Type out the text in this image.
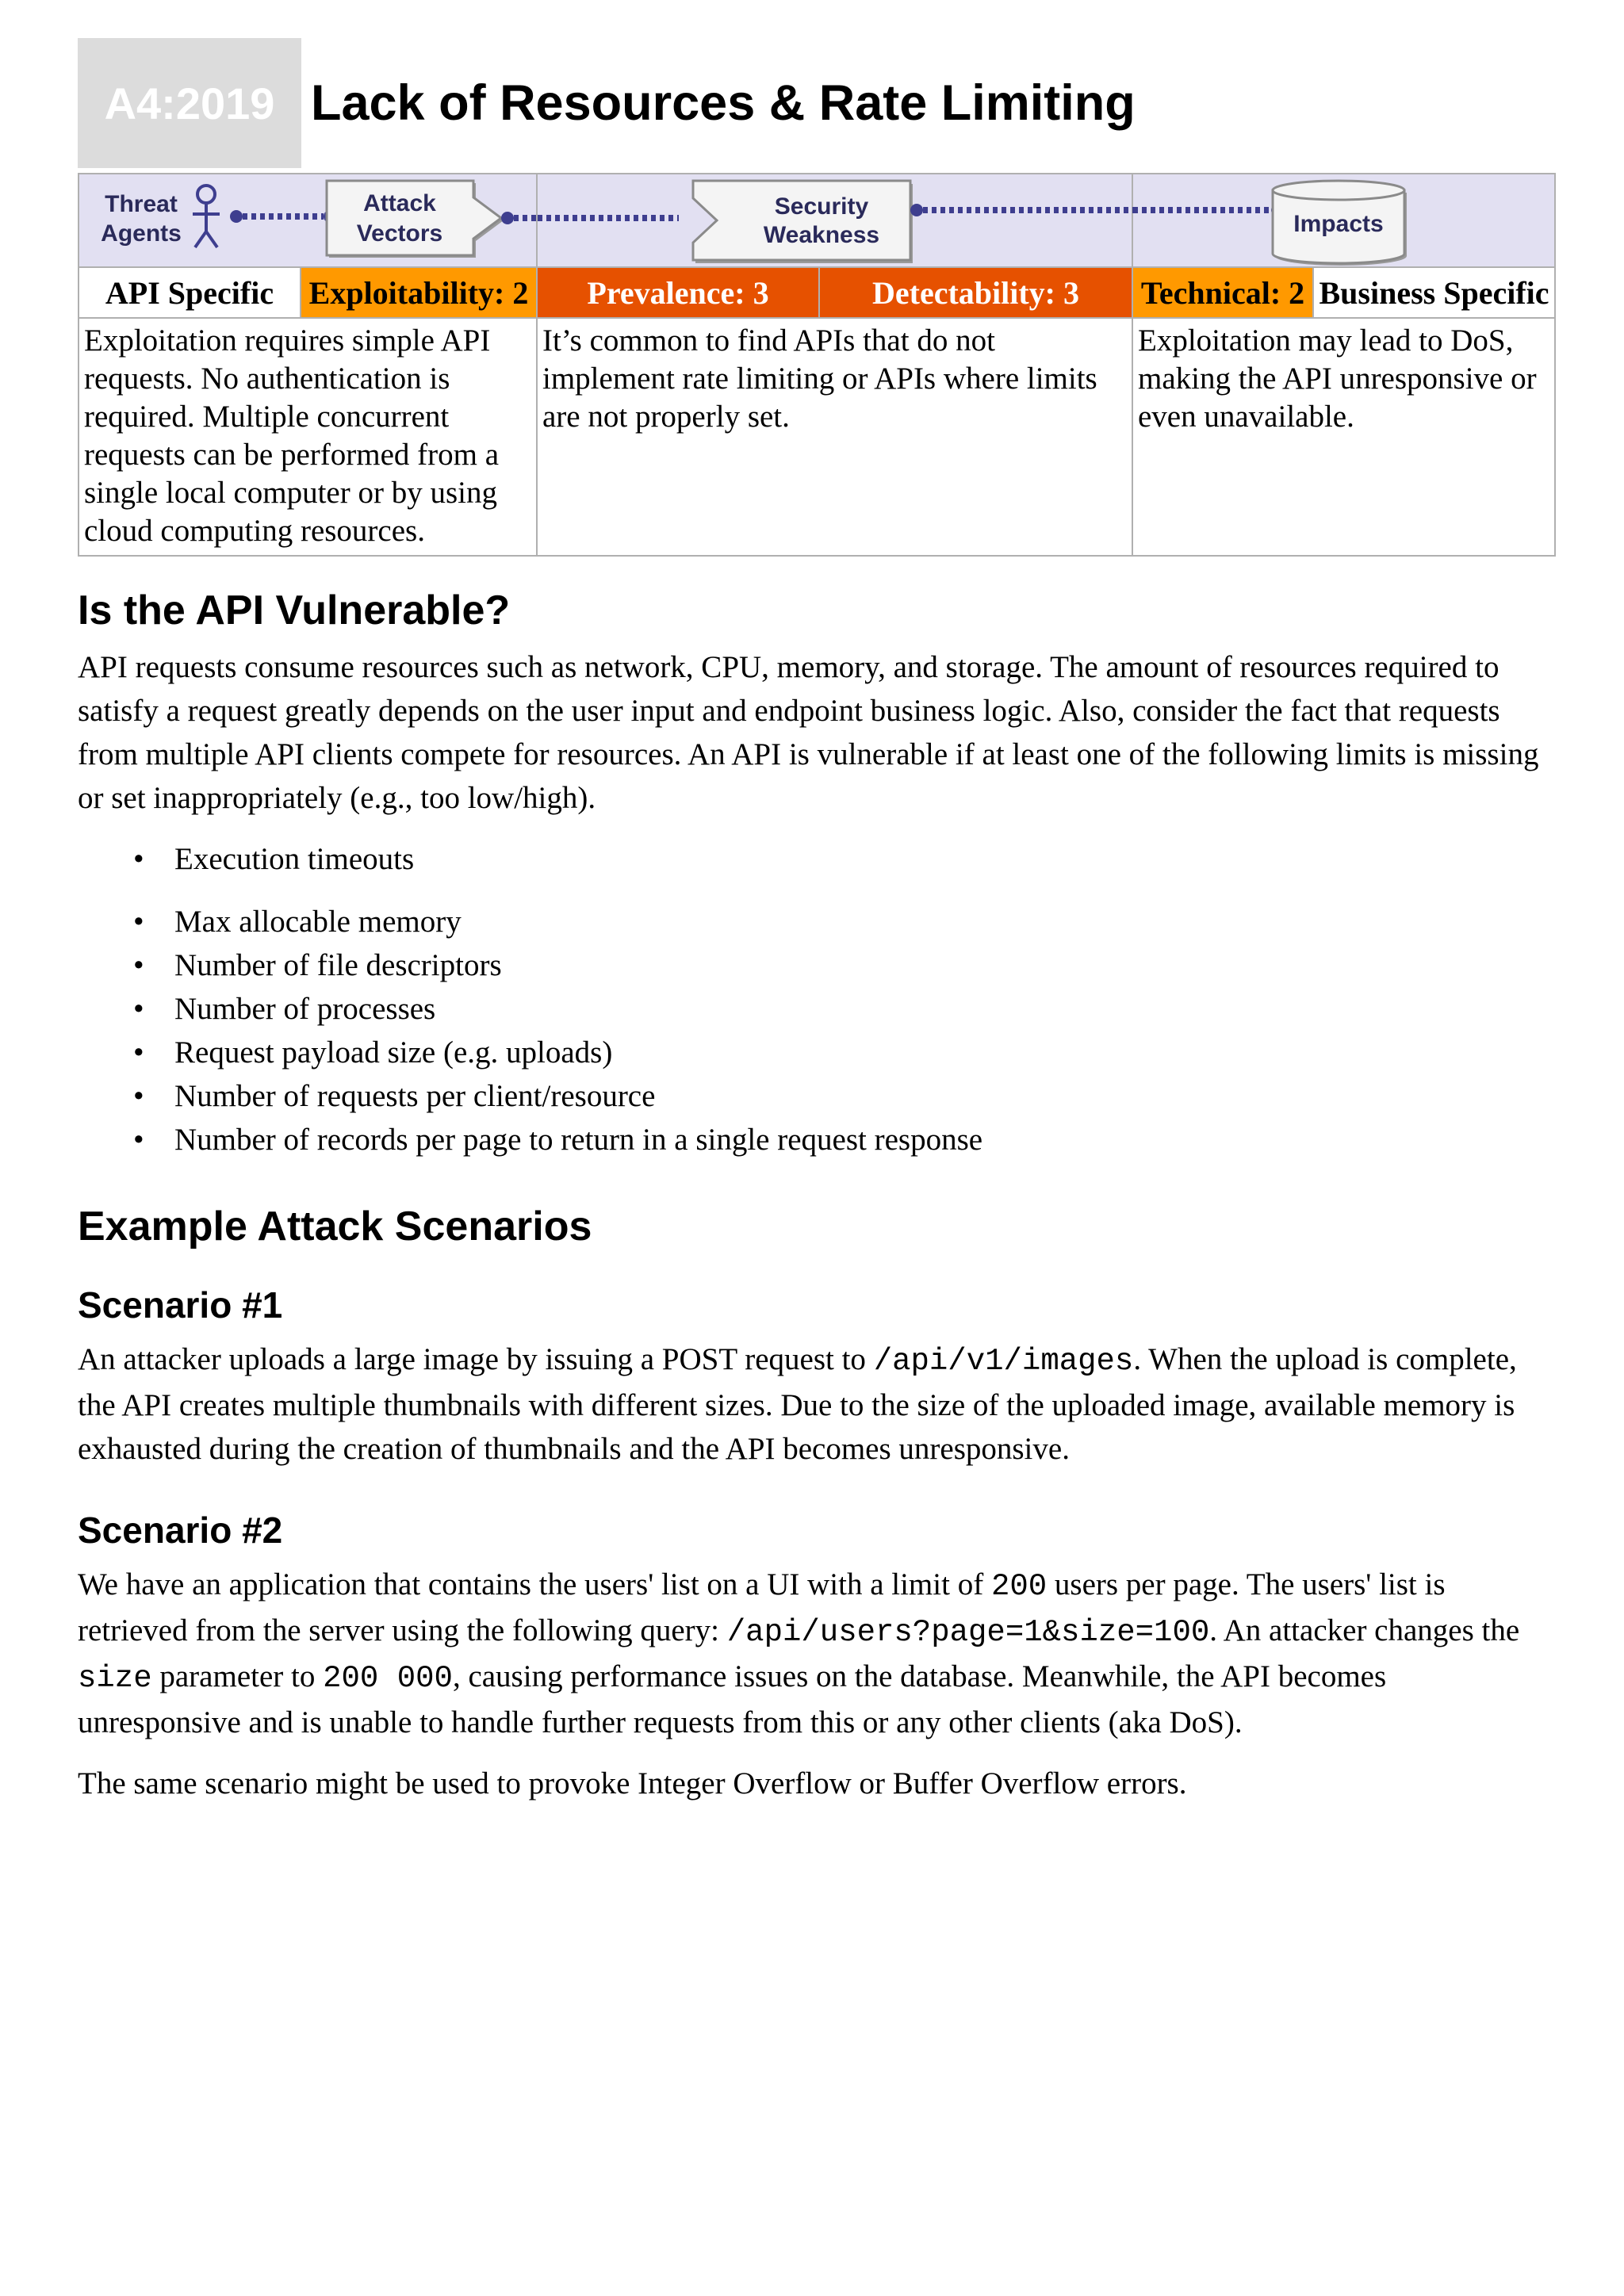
A4:2019 Lack of Resources & Rate Limiting
Threat
Agents
Attack
Vectors		Security
Weakness		Impacts	

API Specific	Exploitability: 2	Prevalence: 3	Detectability: 3	Technical: 2	Business Specific
Exploitation requires simple API requests. No authentication is required. Multiple concurrent requests can be performed from a single local computer or by using cloud computing resources.		It’s common to find APIs that do not implement rate limiting or APIs where limits are not properly set.		Exploitation may lead to DoS, making the API unresponsive or even unavailable.	
Is the API Vulnerable?

API requests consume resources such as network, CPU, memory, and storage. The amount of resources required to satisfy a request greatly depends on the user input and endpoint business logic. Also, consider the fact that requests from multiple API clients compete for resources. An API is vulnerable if at least one of the following limits is missing or set inappropriately (e.g., too low/high).

• Execution timeouts
• Max allocable memory
• Number of file descriptors
• Number of processes
• Request payload size (e.g. uploads)
• Number of requests per client/resource
• Number of records per page to return in a single request response
Example Attack Scenarios
Scenario #1

An attacker uploads a large image by issuing a POST request to /api/v1/images. When the upload is complete, the API creates multiple thumbnails with different sizes. Due to the size of the uploaded image, available memory is exhausted during the creation of thumbnails and the API becomes unresponsive.

Scenario #2

We have an application that contains the users' list on a UI with a limit of 200 users per page. The users' list is retrieved from the server using the following query: /api/users?page=1&size=100. An attacker changes the size parameter to 200 000, causing performance issues on the database. Meanwhile, the API becomes unresponsive and is unable to handle further requests from this or any other clients (aka DoS).

The same scenario might be used to provoke Integer Overflow or Buffer Overflow errors.
